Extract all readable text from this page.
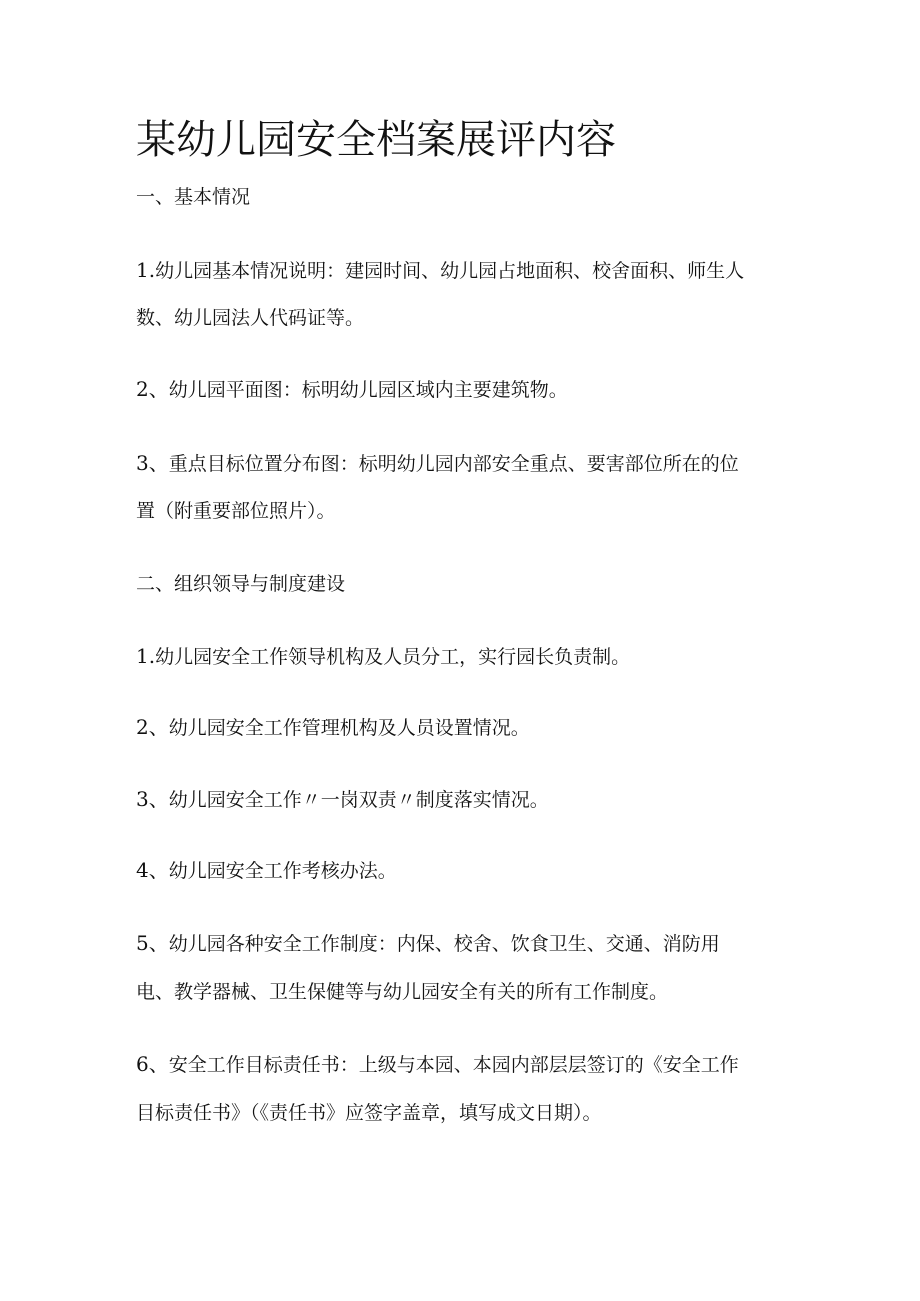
某幼儿园安全档案展评内容

一、基本情况

1.幼儿园基本情况说明：建园时间、幼儿园占地面积、校舍面积、师生人

数、幼儿园法人代码证等。

2、幼儿园平面图：标明幼儿园区域内主要建筑物。

3、重点目标位置分布图：标明幼儿园内部安全重点、要害部位所在的位

置（附重要部位照片）。

二、组织领导与制度建设

1.幼儿园安全工作领导机构及人员分工，实行园长负责制。

2、幼儿园安全工作管理机构及人员设置情况。

3、幼儿园安全工作〃一岗双责〃制度落实情况。

4、幼儿园安全工作考核办法。

5、幼儿园各种安全工作制度：内保、校舍、饮食卫生、交通、消防用

电、教学器械、卫生保健等与幼儿园安全有关的所有工作制度。

6、安全工作目标责任书：上级与本园、本园内部层层签订的《安全工作

目标责任书》（《责任书》应签字盖章，填写成文日期）。
